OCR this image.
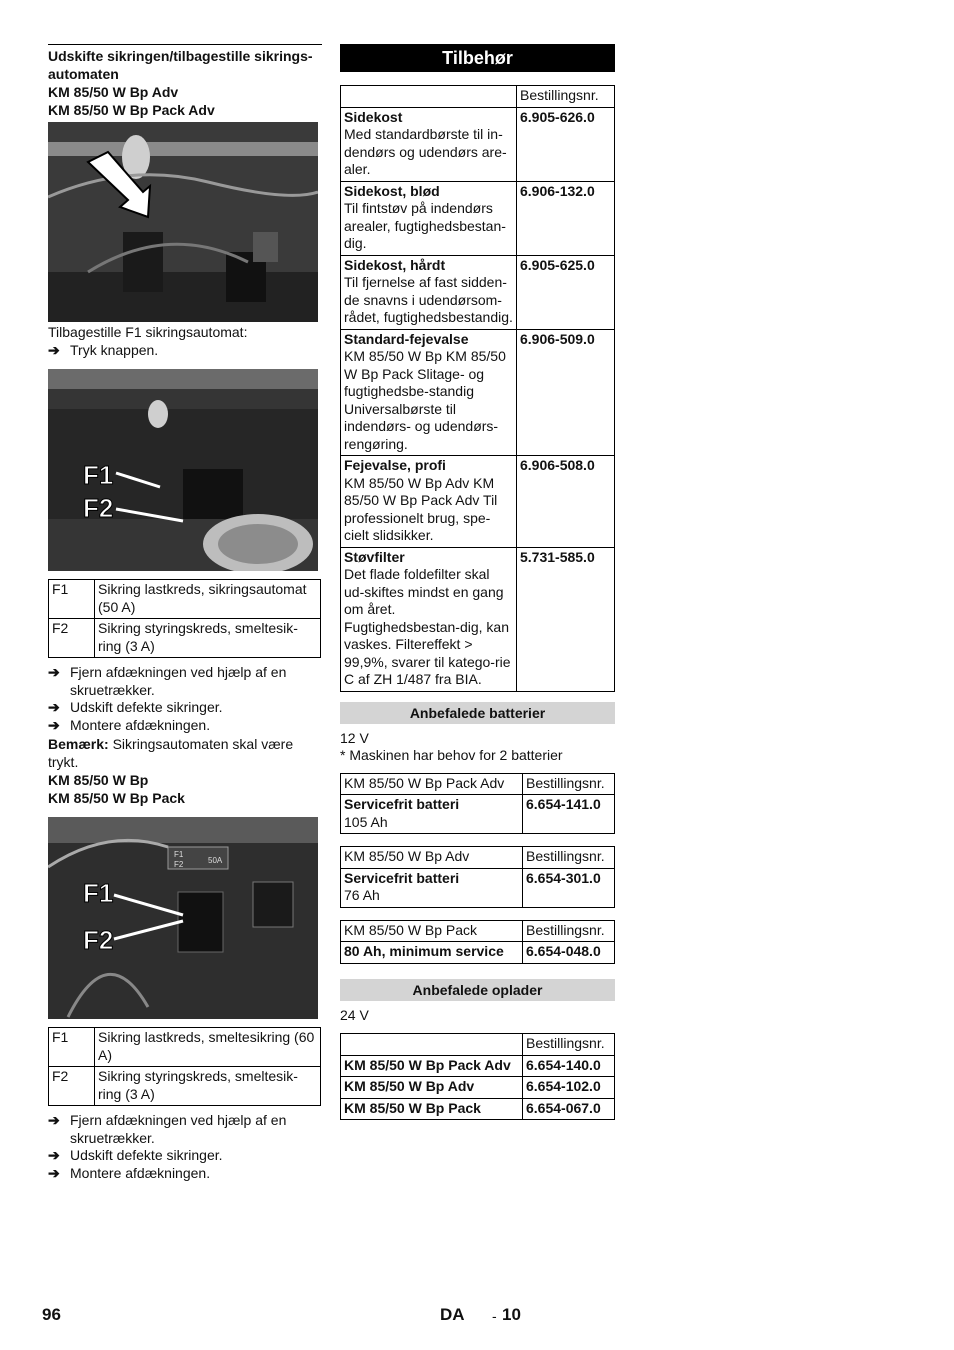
Udskifte sikringen/tilbagestille sikrings-automaten
KM 85/50 W Bp Adv
KM 85/50 W Bp Pack Adv
Tilbagestille F1 sikringsautomat:
➔ Tryk knappen.
F1
F2
F1	Sikring lastkreds, sikringsautomat (50 A)
F2	Sikring styringskreds, smeltesik-ring (3 A)
➔ Fjern afdækningen ved hjælp af en skruetrækker.
➔ Udskift defekte sikringer.
➔ Montere afdækningen.
Bemærk: Sikringsautomaten skal være trykt.
KM 85/50 W Bp
KM 85/50 W Bp Pack
50A
F1
F2
F1
F2
F1	Sikring lastkreds, smeltesikring (60 A)
F2	Sikring styringskreds, smeltesik-ring (3 A)
➔ Fjern afdækningen ved hjælp af en skruetrækker.
➔ Udskift defekte sikringer.
➔ Montere afdækningen.
Tilbehør
	Bestillingsnr.

Sidekost
Med standardbørste til in-dendørs og udendørs are-aler.	6.905-626.0

Sidekost, blød
Til fintstøv på indendørs arealer, fugtighedsbestan-dig.	6.906-132.0

Sidekost, hårdt
Til fjernelse af fast sidden-de snavns i udendørsom-rådet, fugtighedsbestandig.	6.905-625.0

Standard-fejevalse
KM 85/50 W Bp KM 85/50 W Bp Pack Slitage- og fugtighedsbe-standig Universalbørste til indendørs- og udendørs-rengøring.	6.906-509.0

Fejevalse, profi
KM 85/50 W Bp Adv KM 85/50 W Bp Pack Adv Til professionelt brug, spe-cielt slidsikker.	6.906-508.0

Støvfilter
Det flade foldefilter skal ud-skiftes mindst en gang om året. Fugtighedsbestan-dig, kan vaskes. Filtereffekt > 99,9%, svarer til katego-rie C af ZH 1/487 fra BIA.	5.731-585.0
Anbefalede batterier
12 V
* Maskinen har behov for 2 batterier
KM 85/50 W Bp Pack Adv	Bestillingsnr.

Servicefrit batteri
105 Ah	6.654-141.0
KM 85/50 W Bp Adv	Bestillingsnr.

Servicefrit batteri
76 Ah	6.654-301.0
KM 85/50 W Bp Pack	Bestillingsnr.
80 Ah, minimum service	6.654-048.0
Anbefalede oplader
24 V
	Bestillingsnr.
KM 85/50 W Bp Pack Adv	6.654-140.0
KM 85/50 W Bp Adv	6.654-102.0
KM 85/50 W Bp Pack	6.654-067.0
96	DA - 10
